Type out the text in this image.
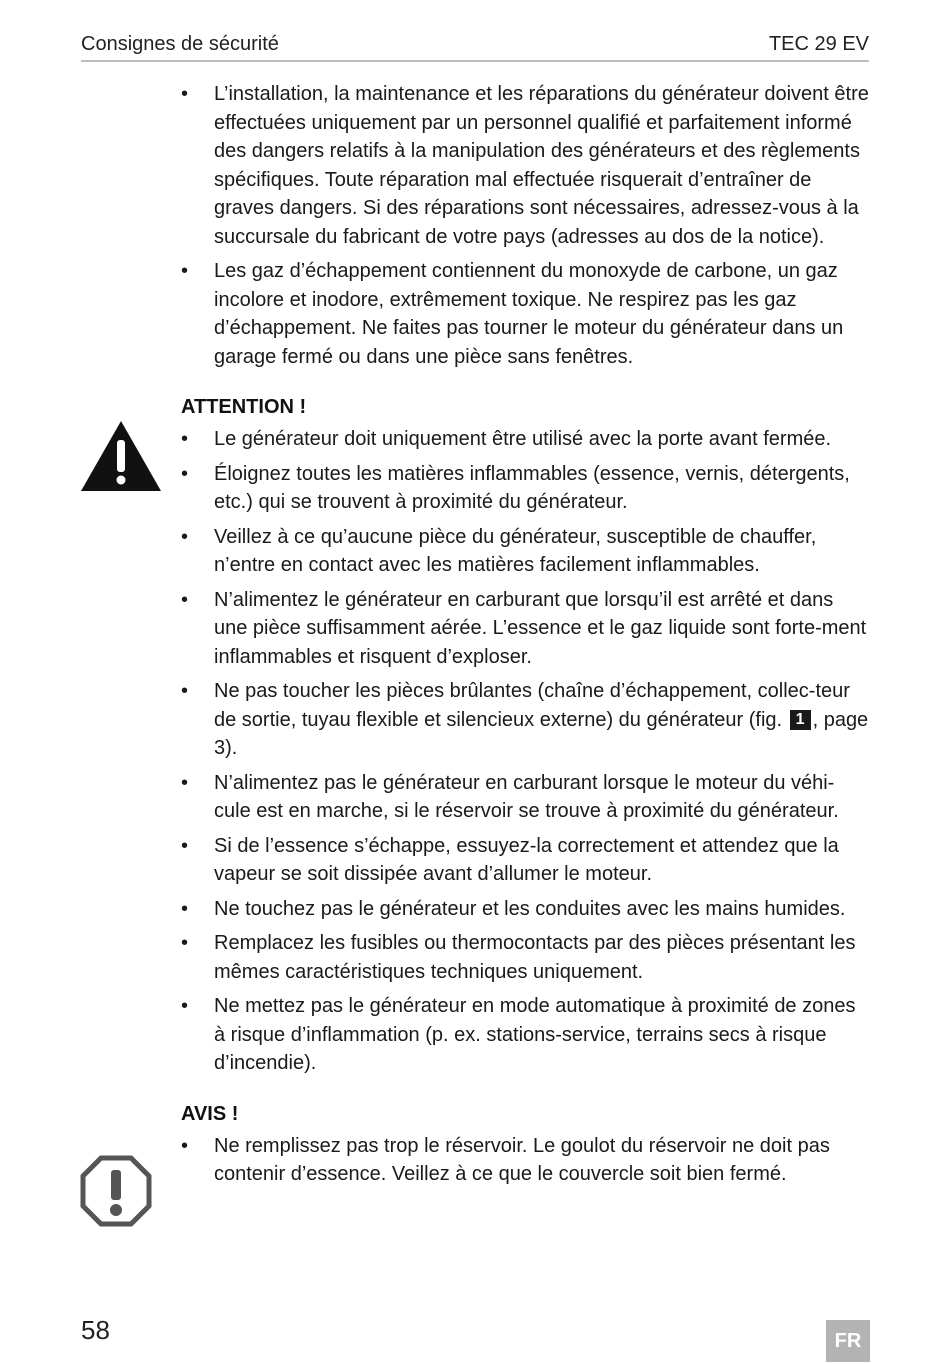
Consignes de sécurité	TEC 29 EV
• L’installation, la maintenance et les réparations du générateur doivent être effectuées uniquement par un personnel qualifié et parfaitement informé des dangers relatifs à la manipulation des générateurs et des règlements spécifiques. Toute réparation mal effectuée risquerait d’entraîner de graves dangers. Si des réparations sont nécessaires, adressez-vous à la succursale du fabricant de votre pays (adresses au dos de la notice).
• Les gaz d’échappement contiennent du monoxyde de carbone, un gaz incolore et inodore, extrêmement toxique. Ne respirez pas les gaz d’échappement. Ne faites pas tourner le moteur du générateur dans un garage fermé ou dans une pièce sans fenêtres.
ATTENTION !
• Le générateur doit uniquement être utilisé avec la porte avant fermée.
• Éloignez toutes les matières inflammables (essence, vernis, détergents, etc.) qui se trouvent à proximité du générateur.
• Veillez à ce qu’aucune pièce du générateur, susceptible de chauffer, n’entre en contact avec les matières facilement inflammables.
• N’alimentez le générateur en carburant que lorsqu’il est arrêté et dans une pièce suffisamment aérée. L’essence et le gaz liquide sont forte-ment inflammables et risquent d’exploser.
• Ne pas toucher les pièces brûlantes (chaîne d’échappement, collec-teur de sortie, tuyau flexible et silencieux externe) du générateur (fig. 1 , page 3).
• N’alimentez pas le générateur en carburant lorsque le moteur du véhi-cule est en marche, si le réservoir se trouve à proximité du générateur.
• Si de l’essence s’échappe, essuyez-la correctement et attendez que la vapeur se soit dissipée avant d’allumer le moteur.
• Ne touchez pas le générateur et les conduites avec les mains humides.
• Remplacez les fusibles ou thermocontacts par des pièces présentant les mêmes caractéristiques techniques uniquement.
• Ne mettez pas le générateur en mode automatique à proximité de zones à risque d’inflammation (p. ex. stations-service, terrains secs à risque d’incendie).
AVIS !
• Ne remplissez pas trop le réservoir. Le goulot du réservoir ne doit pas contenir d’essence. Veillez à ce que le couvercle soit bien fermé.
58	FR
